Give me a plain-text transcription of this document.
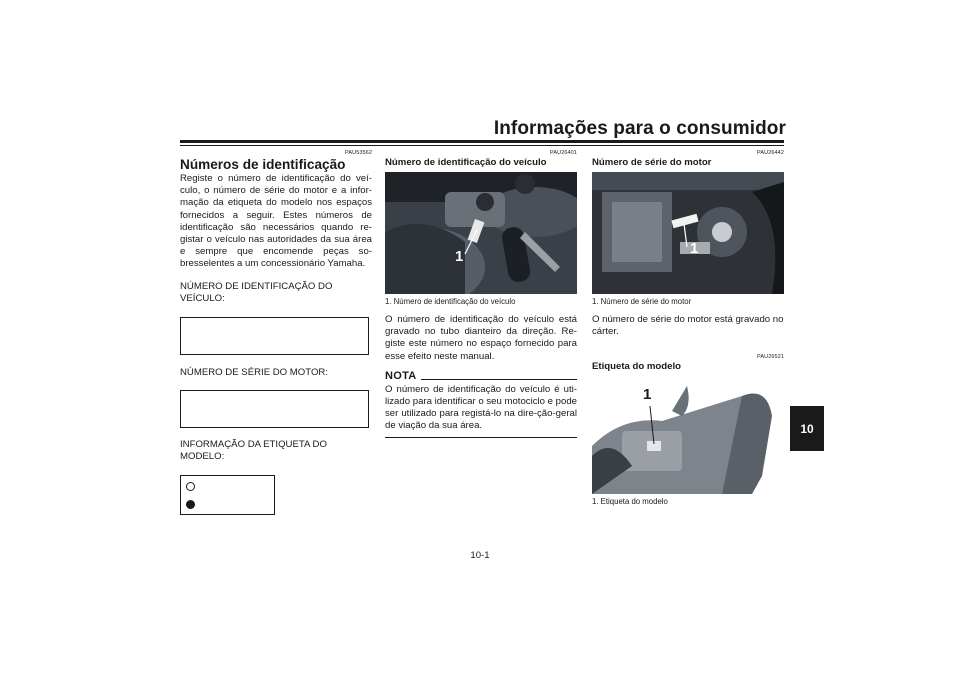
Informações para o consumidor
10
PAU53562
Números de identificação

Registe o número de identificação do veí-culo, o número de série do motor e a infor-mação da etiqueta do modelo nos espaços fornecidos a seguir. Estes números de identificação são necessários quando re-gistar o veículo nas autoridades da sua área e sempre que encomende peças so-bresselentes a um concessionário Yamaha.

NÚMERO DE IDENTIFICAÇÃO DO VEÍCULO:

NÚMERO DE SÉRIE DO MOTOR:

INFORMAÇÃO DA ETIQUETA DO MODELO:

PAU26401
Número de identificação do veículo
1
1. Número de identificação do veículo

O número de identificação do veículo está gravado no tubo dianteiro da direção. Re-giste este número no espaço fornecido para esse efeito neste manual.

NOTA

O número de identificação do veículo é uti-lizado para identificar o seu motociclo e pode ser utilizado para registá-lo na dire-ção-geral de viação da sua área.

PAU26442
Número de série do motor
1
1. Número de série do motor

O número de série do motor está gravado no cárter.

PAU26521
Etiqueta do modelo
1
1. Etiqueta do modelo
10-1
